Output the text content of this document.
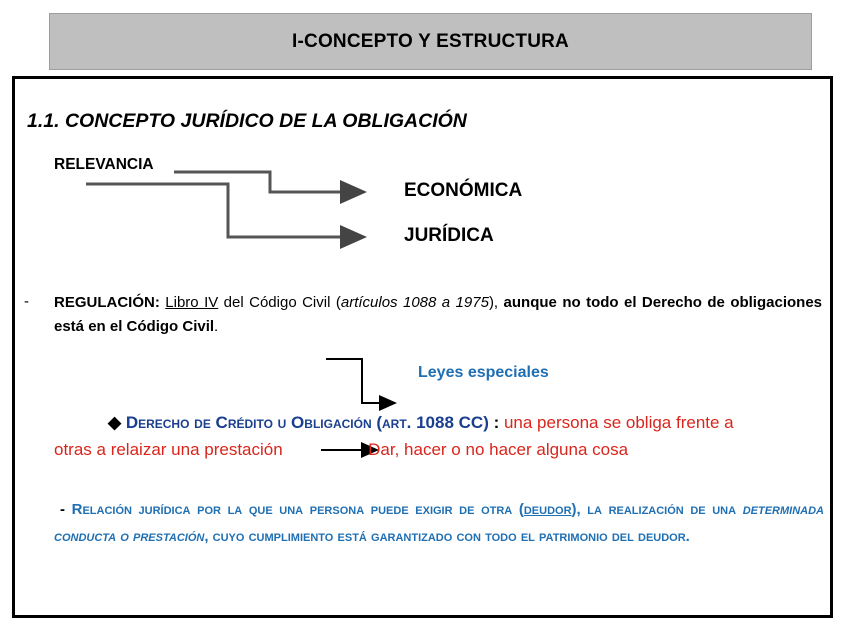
I-CONCEPTO Y ESTRUCTURA
1.1. CONCEPTO JURÍDICO DE LA OBLIGACIÓN
RELEVANCIA
ECONÓMICA
JURÍDICA
- REGULACIÓN: Libro IV del Código Civil (artículos 1088 a 1975), aunque no todo el Derecho de obligaciones está en el Código Civil.
Leyes especiales
◆ Derecho de Crédito u Obligación (art. 1088 CC) : una persona se obliga frente a
otras a relaizar una prestación	Dar, hacer o no hacer alguna cosa
- Relación jurídica por la que una persona puede exigir de otra (deudor), la realización de una determinada conducta o prestación, cuyo cumplimiento está garantizado con todo el patrimonio del deudor.
